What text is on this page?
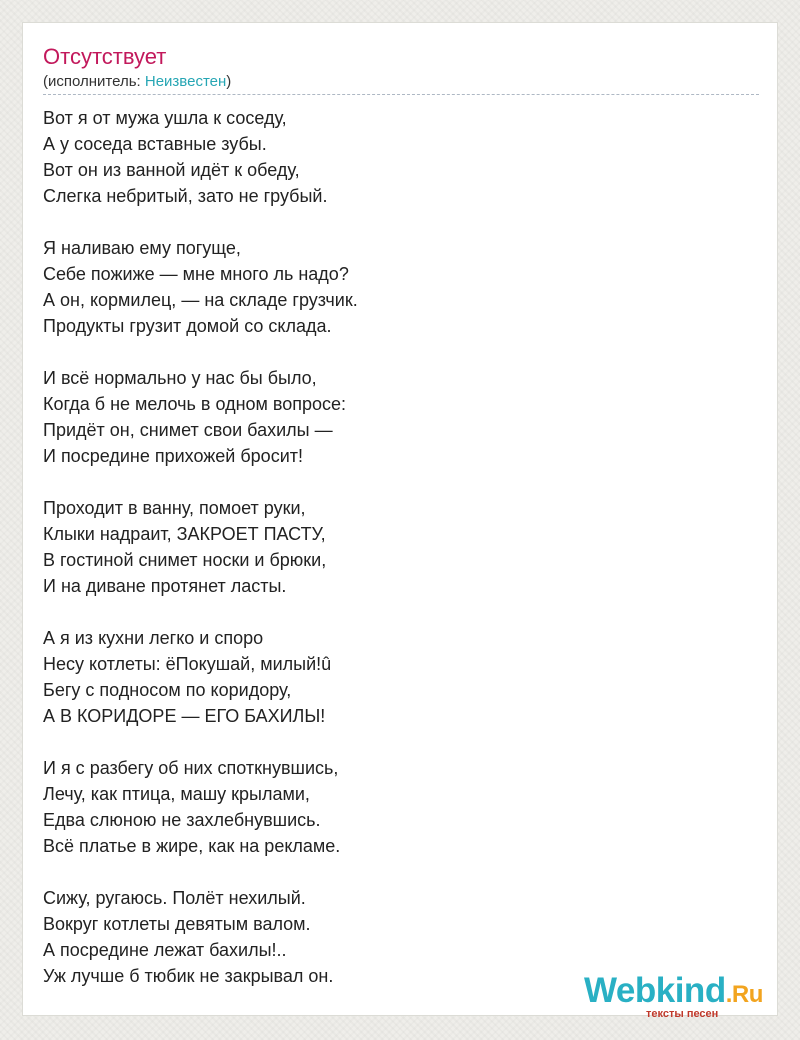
Отсутствует
(исполнитель: Неизвестен)
Вот я от мужа ушла к соседу,
А у соседа вставные зубы.
Вот он из ванной идёт к обеду,
Слегка небритый, зато не грубый.
Я наливаю ему погуще,
Себе пожиже — мне много ль надо?
А он, кормилец, — на складе грузчик.
Продукты грузит домой со склада.
И всё нормально у нас бы было,
Когда б не мелочь в одном вопросе:
Придёт он, снимет свои бахилы —
И посредине прихожей бросит!
Проходит в ванну, помоет руки,
Клыки надраит, ЗАКРОЕТ ПАСТУ,
В гостиной снимет носки и брюки,
И на диване протянет ласты.
А я из кухни легко и споро
Несу котлеты: ёПокушай, милый!û
Бегу с подносом по коридору,
А В КОРИДОРЕ — ЕГО БАХИЛЫ!
И я с разбегу об них споткнувшись,
Лечу, как птица, машу крылами,
Едва слюною не захлебнувшись.
Всё платье в жире, как на рекламе.
Сижу, ругаюсь. Полёт нехилый.
Вокруг котлеты девятым валом.
А посредине лежат бахилы!..
Уж лучше б тюбик не закрывал он.	Webkind.Ru
тексты песен
